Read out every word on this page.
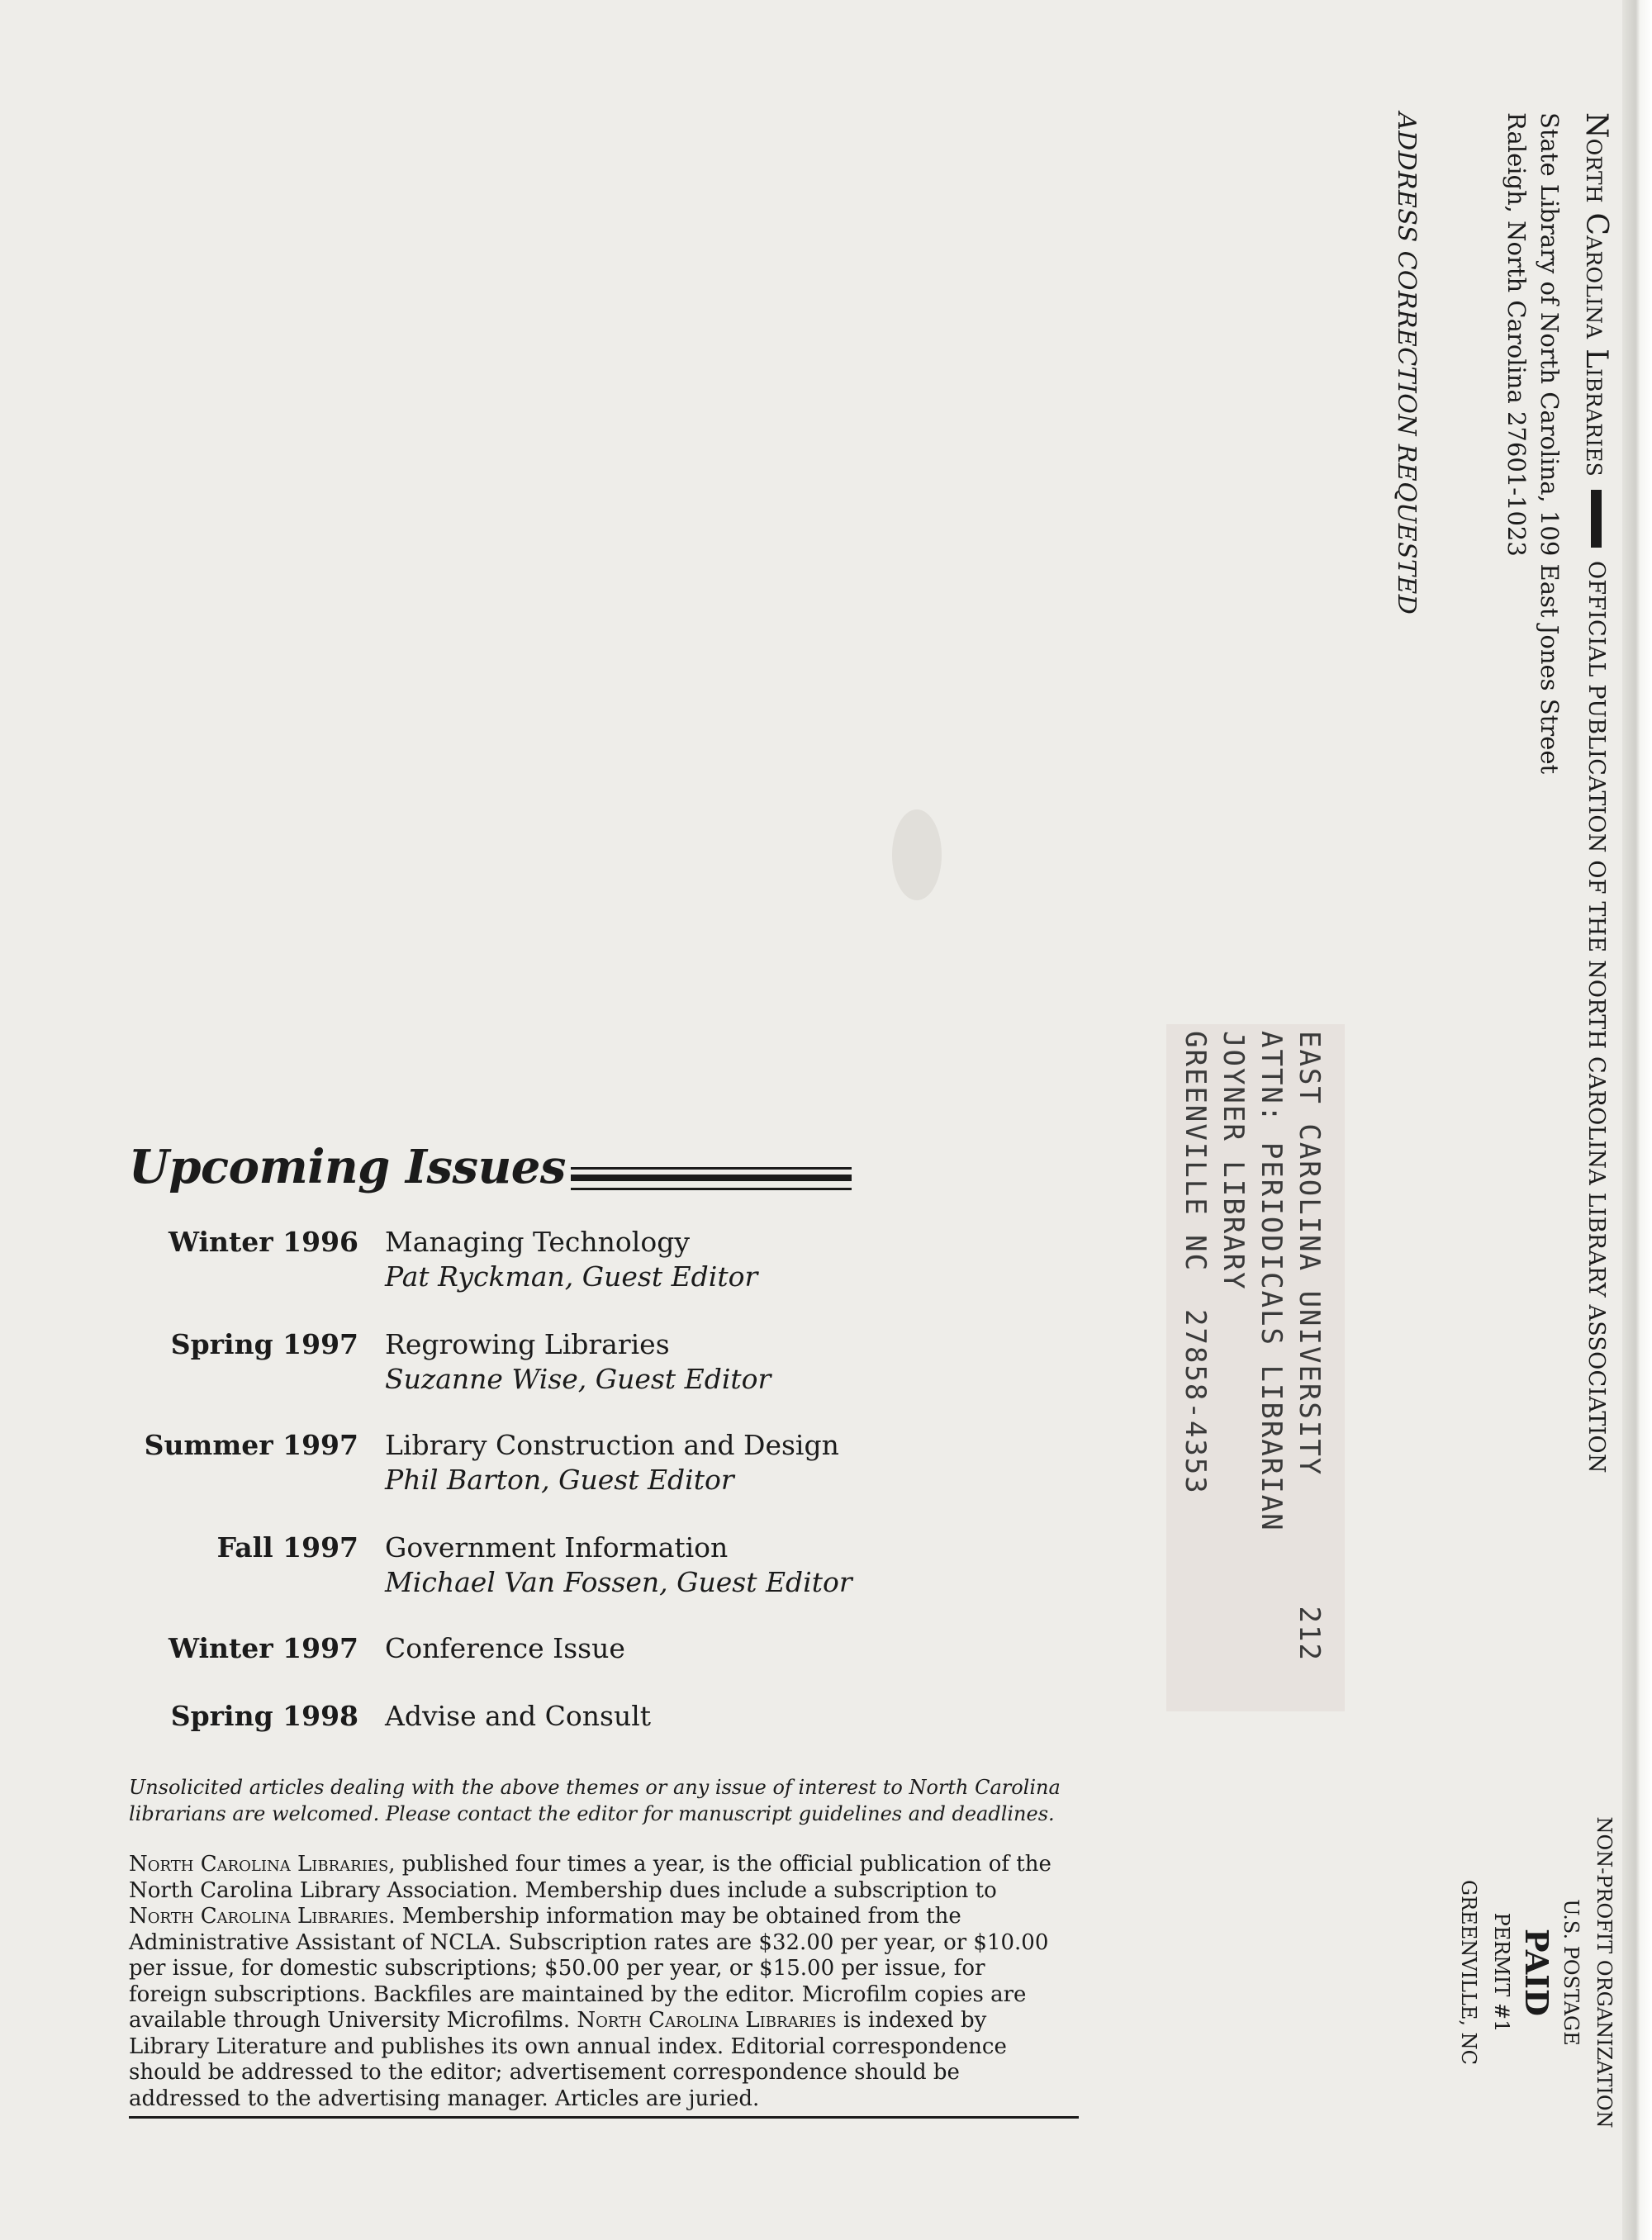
North Carolina Libraries
OFFICIAL PUBLICATION OF THE NORTH CAROLINA LIBRARY ASSOCIATION
State Library of North Carolina, 109 East Jones Street
Raleigh, North Carolina 27601-1023
ADDRESS CORRECTION REQUESTED
NON-PROFIT ORGANIZATION
U.S. POSTAGE
PAID
PERMIT #1
GREENVILLE, NC
EAST CAROLINA UNIVERSITY       212
ATTN: PERIODICALS LIBRARIAN
JOYNER LIBRARY
GREENVILLE NC  27858-4353
Upcoming Issues
Winter 1996 Managing Technology
Pat Ryckman, Guest Editor
Spring 1997 Regrowing Libraries
Suzanne Wise, Guest Editor
Summer 1997 Library Construction and Design
Phil Barton, Guest Editor
Fall 1997 Government Information
Michael Van Fossen, Guest Editor
Winter 1997 Conference Issue
Spring 1998 Advise and Consult
Unsolicited articles dealing with the above themes or any issue of interest to North Carolina librarians are welcomed. Please contact the editor for manuscript guidelines and deadlines.
North Carolina Libraries, published four times a year, is the official publication of the North Carolina Library Association. Membership dues include a subscription to North Carolina Libraries. Membership information may be obtained from the Administrative Assistant of NCLA. Subscription rates are $32.00 per year, or $10.00 per issue, for domestic subscriptions; $50.00 per year, or $15.00 per issue, for foreign subscriptions. Backfiles are maintained by the editor. Microfilm copies are available through University Microfilms. North Carolina Libraries is indexed by Library Literature and publishes its own annual index. Editorial correspondence should be addressed to the editor; advertisement correspondence should be addressed to the advertising manager. Articles are juried.
